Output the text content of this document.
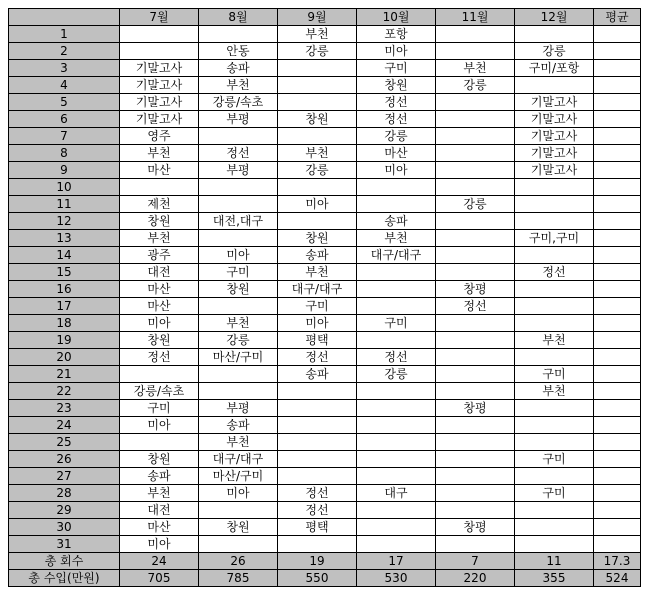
	7월	8월	9월	10월	11월	12월	평균
1			부천	포항			
2		안동	강릉	미아		강릉	
3	기말고사	송파		구미	부천	구미/포항	
4	기말고사	부천		창원	강릉		
5	기말고사	강릉/속초		정선		기말고사	
6	기말고사	부평	창원	정선		기말고사	
7	영주			강릉		기말고사	
8	부천	정선	부천	마산		기말고사	
9	마산	부평	강릉	미아		기말고사	
10							
11	제천		미아		강릉		
12	창원	대전,대구		송파			
13	부천		창원	부천		구미,구미	
14	광주	미아	송파	대구/대구			
15	대전	구미	부천			정선	
16	마산	창원	대구/대구		창평		
17	마산		구미		정선		
18	미아	부천	미아	구미			
19	창원	강릉	평택			부천	
20	정선	마산/구미	정선	정선			
21			송파	강릉		구미	
22	강릉/속초					부천	
23	구미	부평			창평		
24	미아	송파					
25		부천					
26	창원	대구/대구				구미	
27	송파	마산/구미					
28	부천	미아	정선	대구		구미	
29	대전		정선				
30	마산	창원	평택		창평		
31	미아						
총 회수	24	26	19	17	7	11	17.3
총 수입(만원)	705	785	550	530	220	355	524
